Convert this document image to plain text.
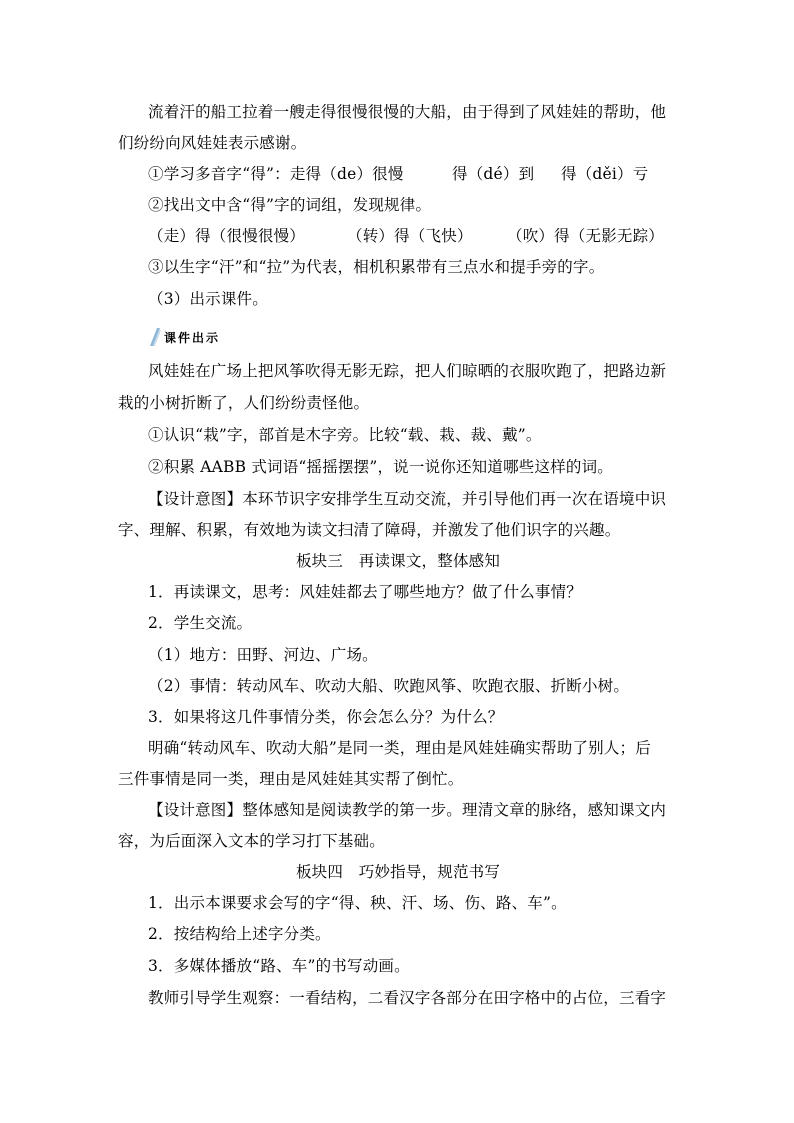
流着汗的船工拉着一艘走得很慢很慢的大船，由于得到了风娃娃的帮助，他
们纷纷向风娃娃表示感谢。
①学习多音字“得”：走得（de）很慢	得（dé）到 得（děi）亏
②找出文中含“得”字的词组，发现规律。
（走）得（很慢很慢）	（转）得（飞快） （吹）得（无影无踪）
③以生字“汗”和“拉”为代表，相机积累带有三点水和提手旁的字。
（3）出示课件。
课件出示
风娃娃在广场上把风筝吹得无影无踪，把人们晾晒的衣服吹跑了，把路边新
栽的小树折断了，人们纷纷责怪他。
①认识“栽”字，部首是木字旁。比较“载、栽、裁、戴”。
②积累 AABB 式词语“摇摇摆摆”，说一说你还知道哪些这样的词。
【设计意图】本环节识字安排学生互动交流，并引导他们再一次在语境中识
字、理解、积累，有效地为读文扫清了障碍，并激发了他们识字的兴趣。
板块三　再读课文，整体感知
1．再读课文，思考：风娃娃都去了哪些地方？做了什么事情？
2．学生交流。
（1）地方：田野、河边、广场。
（2）事情：转动风车、吹动大船、吹跑风筝、吹跑衣服、折断小树。
3．如果将这几件事情分类，你会怎么分？为什么？
明确“转动风车、吹动大船”是同一类，理由是风娃娃确实帮助了别人；后
三件事情是同一类，理由是风娃娃其实帮了倒忙。
【设计意图】整体感知是阅读教学的第一步。理清文章的脉络，感知课文内
容，为后面深入文本的学习打下基础。
板块四　巧妙指导，规范书写
1．出示本课要求会写的字“得、秧、汗、场、伤、路、车”。
2．按结构给上述字分类。
3．多媒体播放“路、车”的书写动画。
教师引导学生观察：一看结构，二看汉字各部分在田字格中的占位，三看字
